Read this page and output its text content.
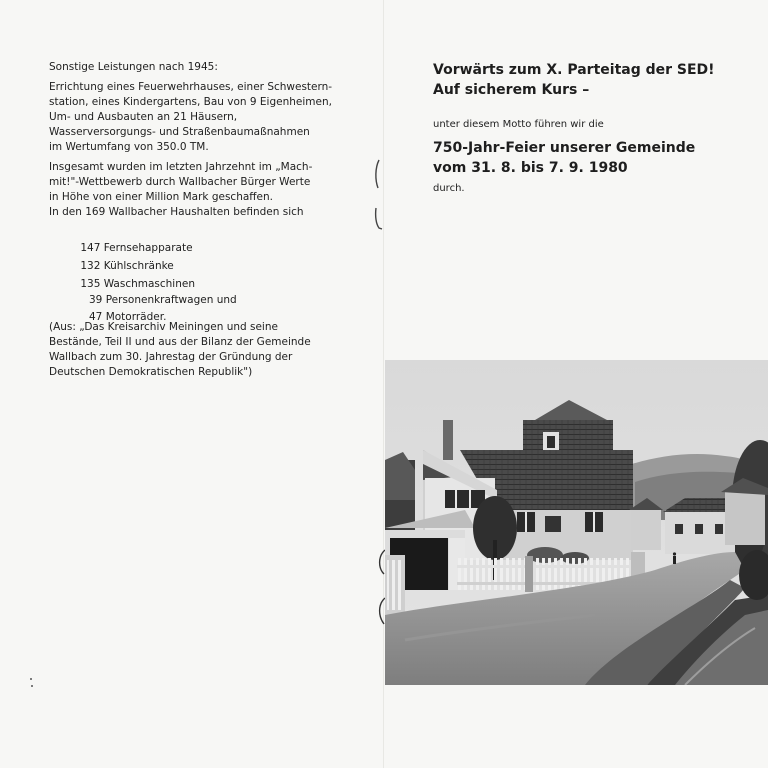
Sonstige Leistungen nach 1945:

Errichtung eines Feuerwehrhauses, einer Schwestern-

station, eines Kindergartens, Bau von 9 Eigenheimen,

Um- und Ausbauten an 21 Häusern,

Wasserversorgungs- und Straßenbaumaßnahmen

im Wertumfang von 350.0 TM.

Insgesamt wurden im letzten Jahrzehnt im „Mach-

mit!"-Wettbewerb durch Wallbacher Bürger Werte

in Höhe von einer Million Mark geschaffen.

In den 169 Wallbacher Haushalten befinden sich

147 Fernsehapparate

132 Kühlschränke

135 Waschmaschinen

39 Personenkraftwagen und

47 Motorräder.

(Aus: „Das Kreisarchiv Meiningen und seine

Bestände, Teil II und aus der Bilanz der Gemeinde

Wallbach zum 30. Jahrestag der Gründung der

Deutschen Demokratischen Republik")

Vorwärts zum X. Parteitag der SED!

Auf sicherem Kurs –

unter diesem Motto führen wir die

750-Jahr-Feier unserer Gemeinde

vom 31. 8. bis 7. 9. 1980

durch.
